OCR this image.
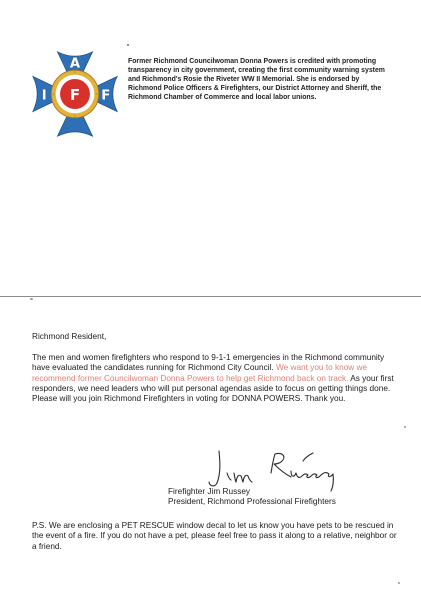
A
I	F
F
AFL-CIO

Former Richmond Councilwoman Donna Powers is credited with promoting transparency in city government, creating the first community warning system and Richmond's Rosie the Riveter WW II Memorial. She is endorsed by Richmond Police Officers & Firefighters, our District Attorney and Sheriff, the Richmond Chamber of Commerce and local labor unions.

Richmond Resident,

The men and women firefighters who respond to 9-1-1 emergencies in the Richmond community have evaluated the candidates running for Richmond City Council. We want you to know we recommend former Councilwoman Donna Powers to help get Richmond back on track. As your first responders, we need leaders who will put personal agendas aside to focus on getting things done. Please will you join Richmond Firefighters in voting for DONNA POWERS. Thank you.

Firefighter Jim Russey
President, Richmond Professional Firefighters

P.S. We are enclosing a PET RESCUE window decal to let us know you have pets to be rescued in the event of a fire. If you do not have a pet, please feel free to pass it along to a relative, neighbor or a friend.
